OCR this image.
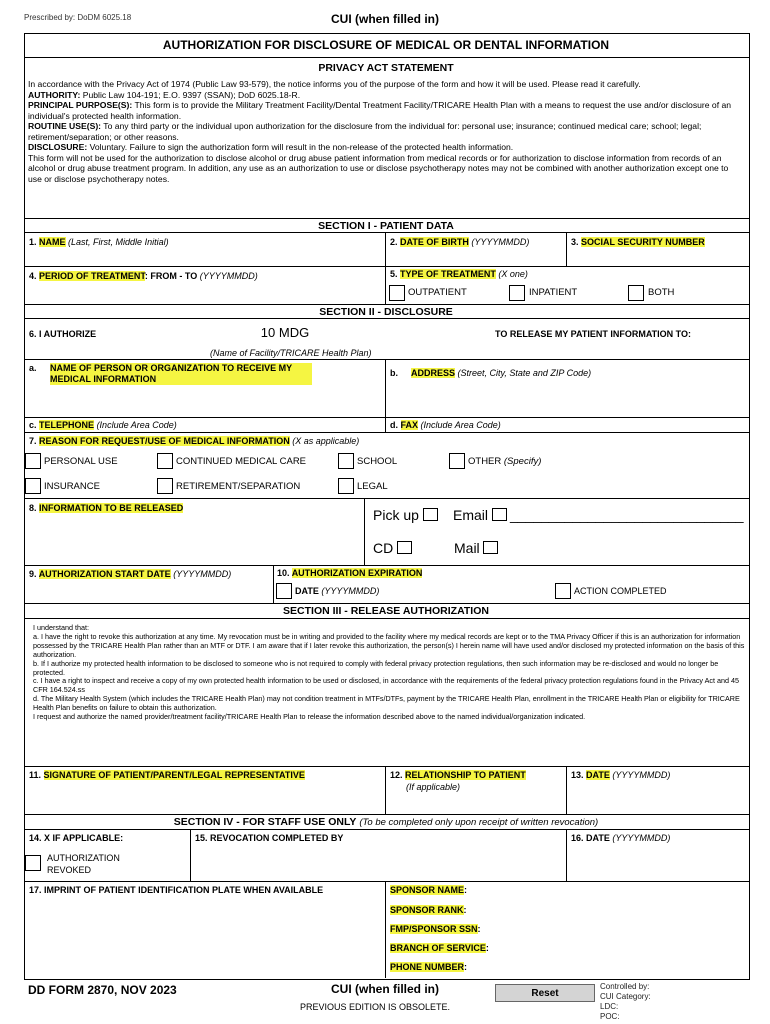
Prescribed by: DoDM 6025.18	CUI (when filled in)
AUTHORIZATION FOR DISCLOSURE OF MEDICAL OR DENTAL INFORMATION
PRIVACY ACT STATEMENT
In accordance with the Privacy Act of 1974 (Public Law 93-579), the notice informs you of the purpose of the form and how it will be used. Please read it carefully.
AUTHORITY: Public Law 104-191; E.O. 9397 (SSAN); DoD 6025.18-R.
PRINCIPAL PURPOSE(S): This form is to provide the Military Treatment Facility/Dental Treatment Facility/TRICARE Health Plan with a means to request the use and/or disclosure of an individual's protected health information.
ROUTINE USE(S): To any third party or the individual upon authorization for the disclosure from the individual for: personal use; insurance; continued medical care; school; legal; retirement/separation; or other reasons.
DISCLOSURE: Voluntary. Failure to sign the authorization form will result in the non-release of the protected health information.
This form will not be used for the authorization to disclose alcohol or drug abuse patient information from medical records or for authorization to disclose information from records of an alcohol or drug abuse treatment program. In addition, any use as an authorization to use or disclose psychotherapy notes may not be combined with another authorization except one to use or disclose psychotherapy notes.
SECTION I - PATIENT DATA
1. NAME (Last, First, Middle Initial)	2. DATE OF BIRTH (YYYYMMDD)	3. SOCIAL SECURITY NUMBER
4. PERIOD OF TREATMENT: FROM - TO (YYYYMMDD)	5. TYPE OF TREATMENT (X one)
OUTPATIENT	INPATIENT	BOTH
SECTION II - DISCLOSURE
6. I AUTHORIZE	10 MDG	TO RELEASE MY PATIENT INFORMATION TO:
(Name of Facility/TRICARE Health Plan)
a. NAME OF PERSON OR ORGANIZATION TO RECEIVE MY MEDICAL INFORMATION
b. ADDRESS (Street, City, State and ZIP Code)
c. TELEPHONE (Include Area Code)	d. FAX (Include Area Code)
7. REASON FOR REQUEST/USE OF MEDICAL INFORMATION (X as applicable)
PERSONAL USE	CONTINUED MEDICAL CARE	SCHOOL	OTHER (Specify)
INSURANCE	RETIREMENT/SEPARATION	LEGAL
8. INFORMATION TO BE RELEASED	Pick up Email ______________________________
CD	Mail
9. AUTHORIZATION START DATE (YYYYMMDD)	10. AUTHORIZATION EXPIRATION
DATE (YYYYMMDD)	ACTION COMPLETED
SECTION III - RELEASE AUTHORIZATION
I understand that:
a. I have the right to revoke this authorization at any time. My revocation must be in writing and provided to the facility where my medical records are kept or to the TMA Privacy Officer if this is an authorization for information possessed by the TRICARE Health Plan rather than an MTF or DTF. I am aware that if I later revoke this authorization, the person(s) I herein name will have used and/or disclosed my protected information on the basis of this authorization.
b. If I authorize my protected health information to be disclosed to someone who is not required to comply with federal privacy protection regulations, then such information may be re-disclosed and would no longer be protected.
c. I have a right to inspect and receive a copy of my own protected health information to be used or disclosed, in accordance with the requirements of the federal privacy protection regulations found in the Privacy Act and 45 CFR 164.524.ss
d. The Military Health System (which includes the TRICARE Health Plan) may not condition treatment in MTFs/DTFs, payment by the TRICARE Health Plan, enrollment in the TRICARE Health Plan or eligibility for TRICARE Health Plan benefits on failure to obtain this authorization.
I request and authorize the named provider/treatment facility/TRICARE Health Plan to release the information described above to the named individual/organization indicated.
11. SIGNATURE OF PATIENT/PARENT/LEGAL REPRESENTATIVE	12. RELATIONSHIP TO PATIENT
(If applicable)
13. DATE (YYYYMMDD)
SECTION IV - FOR STAFF USE ONLY (To be completed only upon receipt of written revocation)
14. X IF APPLICABLE:
AUTHORIZATION
REVOKED
15. REVOCATION COMPLETED BY	16. DATE (YYYYMMDD)
17. IMPRINT OF PATIENT IDENTIFICATION PLATE WHEN AVAILABLE	SPONSOR NAME:
SPONSOR RANK:
FMP/SPONSOR SSN:
BRANCH OF SERVICE:
PHONE NUMBER:
DD FORM 2870, NOV 2023	CUI (when filled in)
PREVIOUS EDITION IS OBSOLETE.
Reset
Controlled by:
CUI Category:
LDC:
POC:
